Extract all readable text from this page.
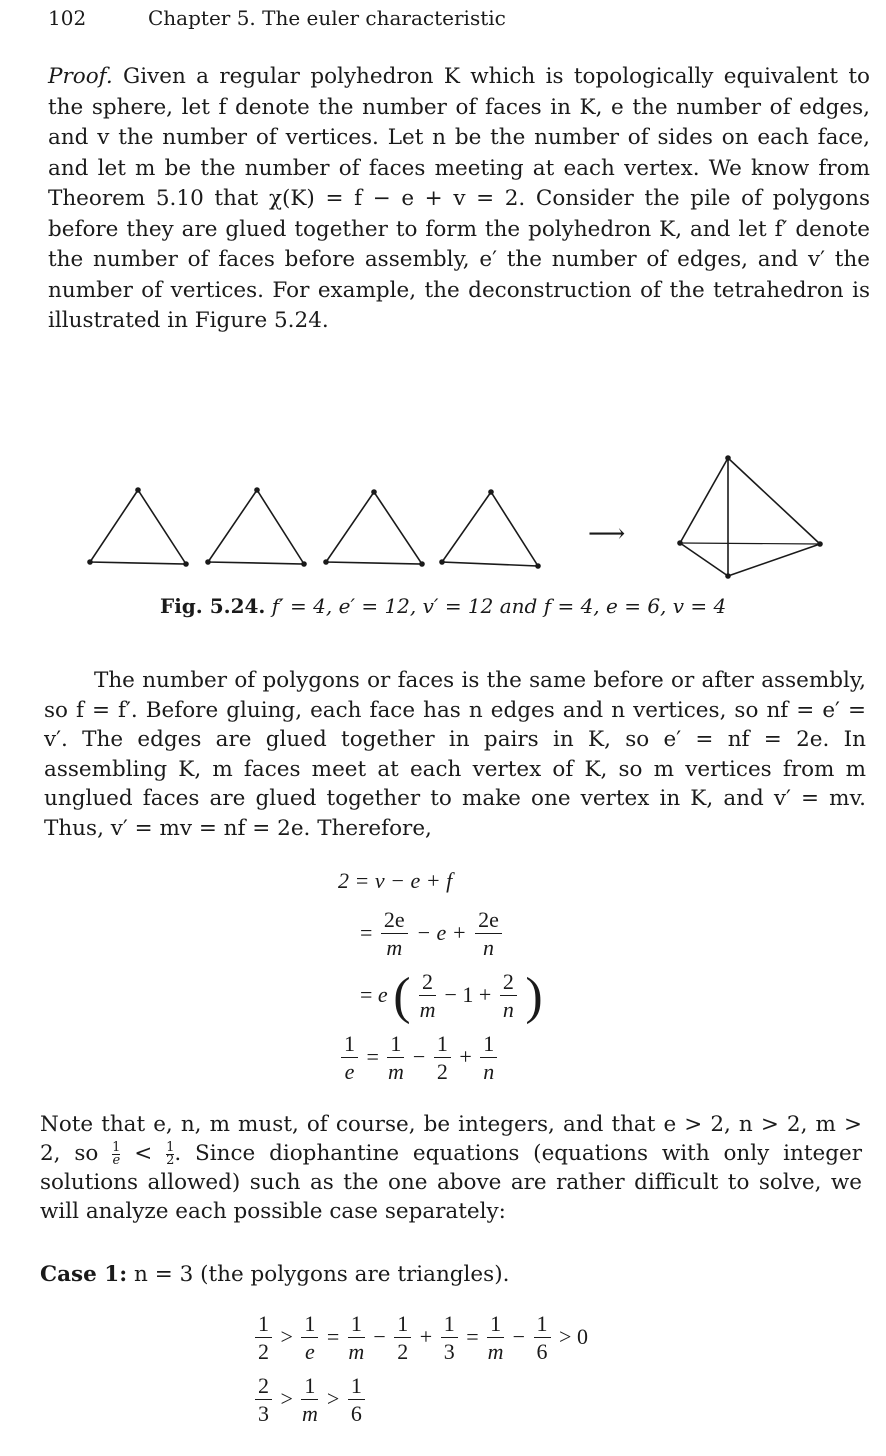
102	Chapter 5. The euler characteristic
Proof. Given a regular polyhedron K which is topologically equivalent to the sphere, let f denote the number of faces in K, e the number of edges, and v the number of vertices. Let n be the number of sides on each face, and let m be the number of faces meeting at each vertex. We know from Theorem 5.10 that χ(K) = f − e + v = 2. Consider the pile of polygons before they are glued together to form the polyhedron K, and let f′ denote the number of faces before assembly, e′ the number of edges, and v′ the number of vertices. For example, the deconstruction of the tetrahedron is illustrated in Figure 5.24.
⟶
Fig. 5.24. f′ = 4, e′ = 12, v′ = 12 and f = 4, e = 6, v = 4
The number of polygons or faces is the same before or after assembly, so f = f′. Before gluing, each face has n edges and n vertices, so nf = e′ = v′. The edges are glued together in pairs in K, so e′ = nf = 2e. In assembling K, m faces meet at each vertex of K, so m vertices from m unglued faces are glued together to make one vertex in K, and v′ = mv. Thus, v′ = mv = nf = 2e. Therefore,
2 = v − e + f
= $\frac{2e}{m} - e + \frac{2e}{n}$
= e ( $\frac{2}{m} - 1 + \frac{2}{n}$ )
$\frac{1}{e} = \frac{1}{m} - \frac{1}{2} + \frac{1}{n}$
Note that e, n, m must, of course, be integers, and that e > 2, n > 2, m > 2, so $\frac{1}{e} < \frac{1}{2}$. Since diophantine equations (equations with only integer solutions allowed) such as the one above are rather difficult to solve, we will analyze each possible case separately:
Case 1: n = 3 (the polygons are triangles).
$\frac{1}{2} > \frac{1}{e} = \frac{1}{m} - \frac{1}{2} + \frac{1}{3} = \frac{1}{m} - \frac{1}{6} > 0$
$\frac{2}{3} > \frac{1}{m} > \frac{1}{6}$
